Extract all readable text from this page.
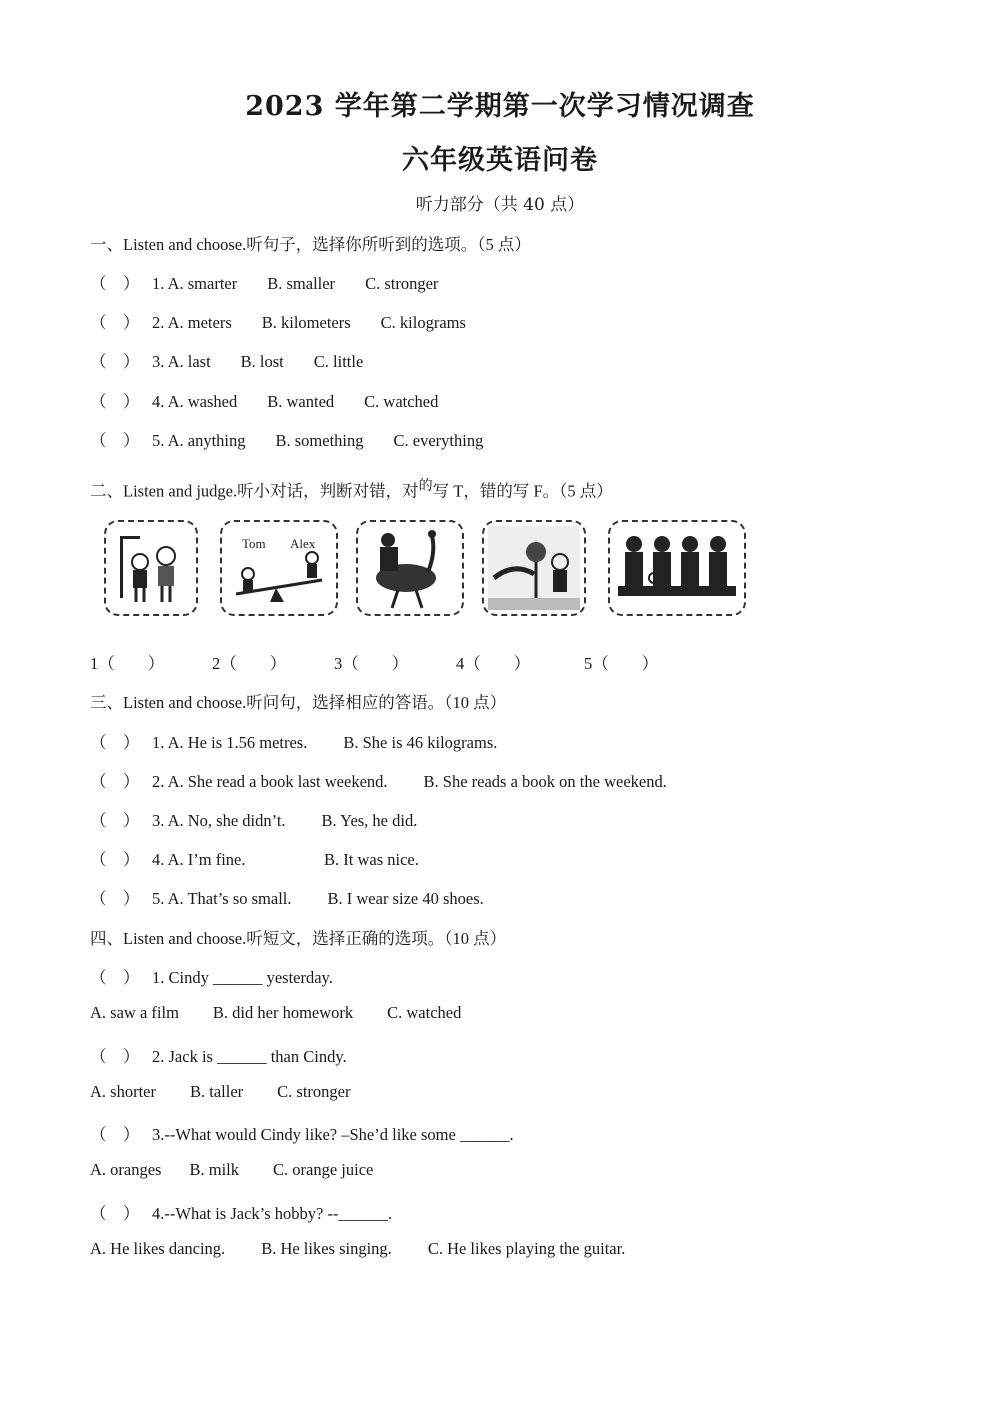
2023 学年第二学期第一次学习情况调查
六年级英语问卷
听力部分（共 40 点）
一、Listen and choose.听句子，选择你所听到的选项。（5 点）
（　） 1. A. smarter B. smaller C. stronger
（　） 2. A. meters B. kilometers C. kilograms
（　） 3. A. last B. lost C. little
（　） 4. A. washed B. wanted C. watched
（　） 5. A. anything B. something C. everything
二、Listen and judge.听小对话，判断对错，对$^的$写 T，错的写 F。（5 点）
Tom Alex
1（　　）	2（　　）	3（　　）	4（　　）	5（　　）
三、Listen and choose.听问句，选择相应的答语。（10 点）
（　） 1. A. He is 1.56 metres. B. She is 46 kilograms.
（　） 2. A. She read a book last weekend. B. She reads a book on the weekend.
（　） 3. A. No, she didn’t. B. Yes, he did.
（　） 4. A. I’m fine.	B. It was nice.
（　） 5. A. That’s so small. B. I wear size 40 shoes.
四、Listen and choose.听短文，选择正确的选项。（10 点）
（　） 1. Cindy ______ yesterday.
A. saw a film B. did her homework C. watched
（　） 2. Jack is ______ than Cindy.
A. shorter B. taller C. stronger
（　） 3.--What would Cindy like? –She’d like some ______.
A. oranges B. milk C. orange juice
（　） 4.--What is Jack’s hobby? --______.
A. He likes dancing. B. He likes singing. C. He likes playing the guitar.
